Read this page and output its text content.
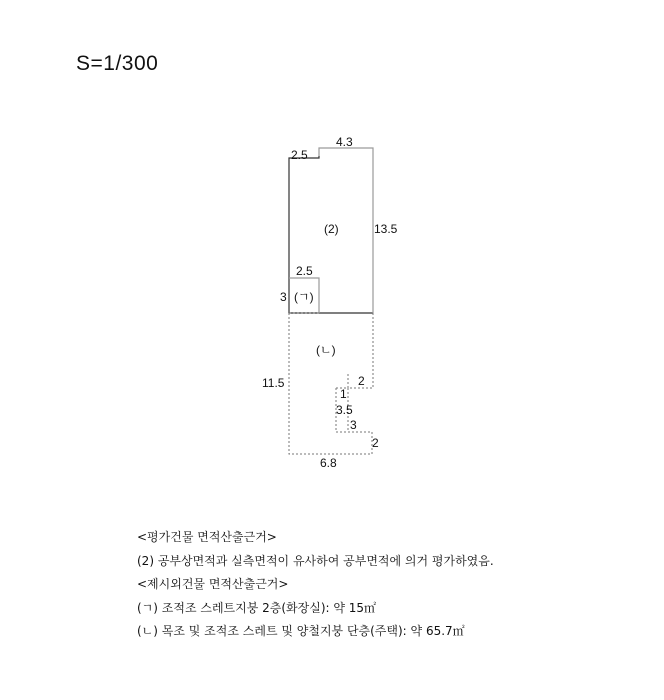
S=1/300
2.5
4.3
13.5
2.5
3
11.5	2
1
3.5
3
2
6.8
(2)
(ㄱ)
(ㄴ)
<평가건물 면적산출근거>
(2) 공부상면적과 실측면적이 유사하여 공부면적에 의거 평가하였음.
<제시외건물 면적산출근거>
(ㄱ) 조적조 스레트지붕 2층(화장실): 약 15㎡
(ㄴ) 목조 및 조적조 스레트 및 양철지붕 단층(주택): 약 65.7㎡
